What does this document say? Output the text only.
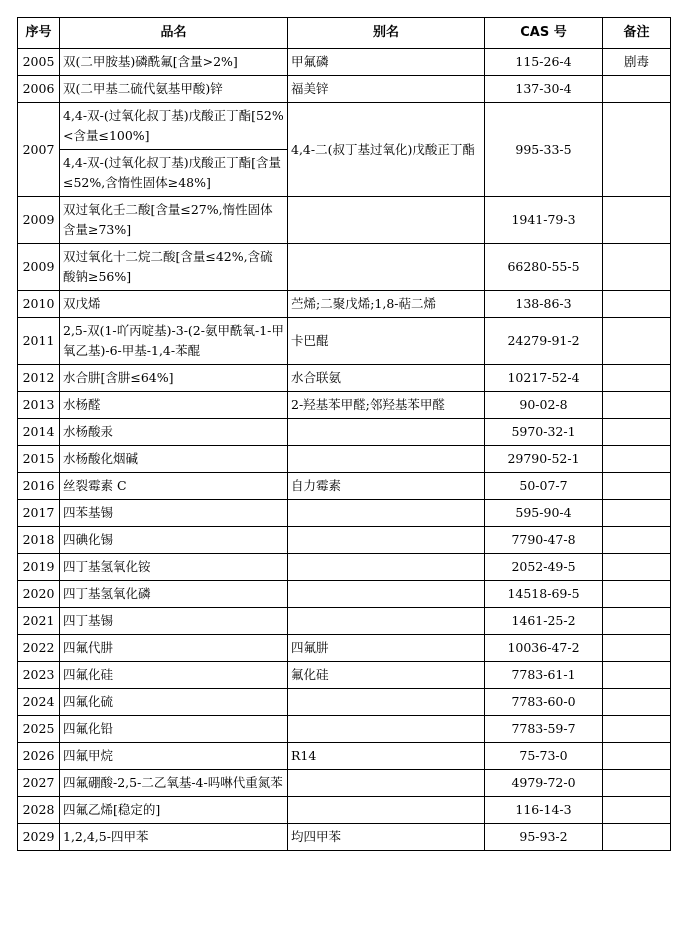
序号	品名	别名	CAS 号	备注
2005	双(二甲胺基)磷酰氟[含量>2%]	甲氟磷	115-26-4	剧毒
2006	双(二甲基二硫代氨基甲酸)锌	福美锌	137-30-4	
2007	4,4-双-(过氧化叔丁基)戊酸正丁酯[52%<含量≤100%]	4,4-二(叔丁基过氧化)戊酸正丁酯	995-33-5	
	4,4-双-(过氧化叔丁基)戊酸正丁酯[含量≤52%,含惰性固体≥48%]			
2009	双过氧化壬二酸[含量≤27%,惰性固体含量≥73%]		1941-79-3	
2009	双过氧化十二烷二酸[含量≤42%,含硫酸钠≥56%]		66280-55-5	
2010	双戊烯	苎烯;二聚戊烯;1,8-萜二烯	138-86-3	
2011	2,5-双(1-吖丙啶基)-3-(2-氨甲酰氧-1-甲氧乙基)-6-甲基-1,4-苯醌	卡巴醌	24279-91-2	
2012	水合肼[含肼≤64%]	水合联氨	10217-52-4	
2013	水杨醛	2-羟基苯甲醛;邻羟基苯甲醛	90-02-8	
2014	水杨酸汞		5970-32-1	
2015	水杨酸化烟碱		29790-52-1	
2016	丝裂霉素 C	自力霉素	50-07-7	
2017	四苯基锡		595-90-4	
2018	四碘化锡		7790-47-8	
2019	四丁基氢氧化铵		2052-49-5	
2020	四丁基氢氧化磷		14518-69-5	
2021	四丁基锡		1461-25-2	
2022	四氟代肼	四氟肼	10036-47-2	
2023	四氟化硅	氟化硅	7783-61-1	
2024	四氟化硫		7783-60-0	
2025	四氟化铅		7783-59-7	
2026	四氟甲烷	R14	75-73-0	
2027	四氟硼酸-2,5-二乙氧基-4-吗啉代重氮苯		4979-72-0	
2028	四氟乙烯[稳定的]		116-14-3	
2029	1,2,4,5-四甲苯	均四甲苯	95-93-2	
